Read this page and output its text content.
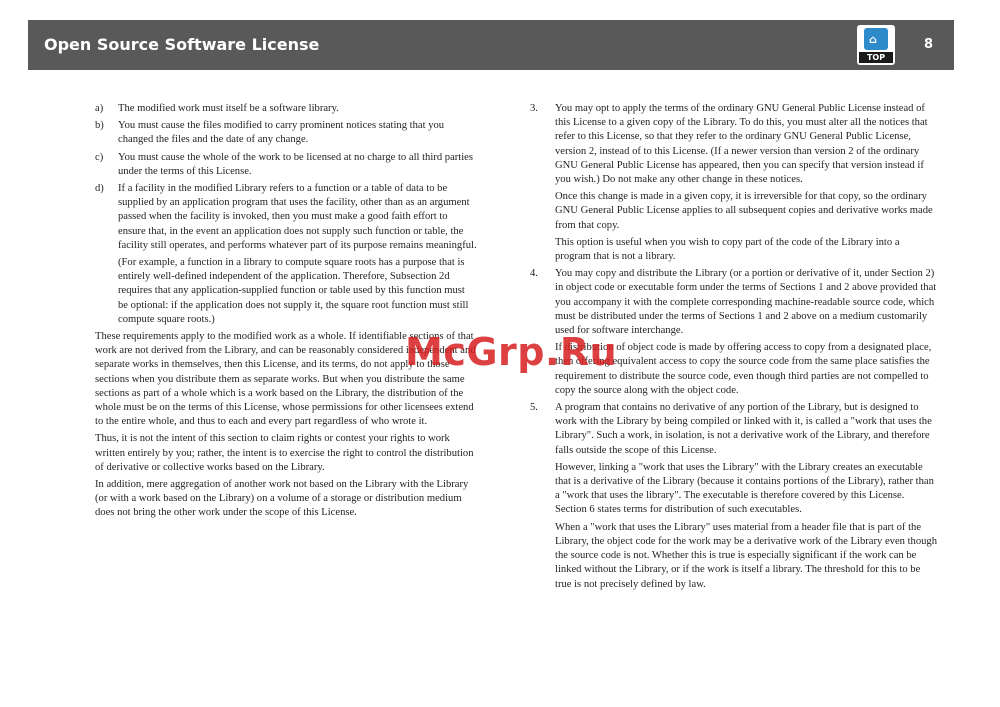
Open Source Software License	⌂
TOP
8
a) The modified work must itself be a software library.
b) You must cause the files modified to carry prominent notices stating that you changed the files and the date of any change.
c) You must cause the whole of the work to be licensed at no charge to all third parties under the terms of this License.
d) If a facility in the modified Library refers to a function or a table of data to be supplied by an application program that uses the facility, other than as an argument passed when the facility is invoked, then you must make a good faith effort to ensure that, in the event an application does not supply such function or table, the facility still operates, and performs whatever part of its purpose remains meaningful.
(For example, a function in a library to compute square roots has a purpose that is entirely well-defined independent of the application. Therefore, Subsection 2d requires that any application-supplied function or table used by this function must be optional: if the application does not supply it, the square root function must still compute square roots.)

These requirements apply to the modified work as a whole. If identifiable sections of that work are not derived from the Library, and can be reasonably considered independent and separate works in themselves, then this License, and its terms, do not apply to those sections when you distribute them as separate works. But when you distribute the same sections as part of a whole which is a work based on the Library, the distribution of the whole must be on the terms of this License, whose permissions for other licensees extend to the entire whole, and thus to each and every part regardless of who wrote it.

Thus, it is not the intent of this section to claim rights or contest your rights to work written entirely by you; rather, the intent is to exercise the right to control the distribution of derivative or collective works based on the Library.

In addition, mere aggregation of another work not based on the Library with the Library (or with a work based on the Library) on a volume of a storage or distribution medium does not bring the other work under the scope of this License.

3. You may opt to apply the terms of the ordinary GNU General Public License instead of this License to a given copy of the Library. To do this, you must alter all the notices that refer to this License, so that they refer to the ordinary GNU General Public License, version 2, instead of to this License. (If a newer version than version 2 of the ordinary GNU General Public License has appeared, then you can specify that version instead if you wish.) Do not make any other change in these notices.
Once this change is made in a given copy, it is irreversible for that copy, so the ordinary GNU General Public License applies to all subsequent copies and derivative works made from that copy.
This option is useful when you wish to copy part of the code of the Library into a program that is not a library.
4. You may copy and distribute the Library (or a portion or derivative of it, under Section 2) in object code or executable form under the terms of Sections 1 and 2 above provided that you accompany it with the complete corresponding machine-readable source code, which must be distributed under the terms of Sections 1 and 2 above on a medium customarily used for software interchange.
If distribution of object code is made by offering access to copy from a designated place, then offering equivalent access to copy the source code from the same place satisfies the requirement to distribute the source code, even though third parties are not compelled to copy the source along with the object code.
5. A program that contains no derivative of any portion of the Library, but is designed to work with the Library by being compiled or linked with it, is called a "work that uses the Library". Such a work, in isolation, is not a derivative work of the Library, and therefore falls outside the scope of this License.
However, linking a "work that uses the Library" with the Library creates an executable that is a derivative of the Library (because it contains portions of the Library), rather than a "work that uses the library". The executable is therefore covered by this License. Section 6 states terms for distribution of such executables.
When a "work that uses the Library" uses material from a header file that is part of the Library, the object code for the work may be a derivative work of the Library even though the source code is not. Whether this is true is especially significant if the work can be linked without the Library, or if the work is itself a library. The threshold for this to be true is not precisely defined by law.
McGrp.Ru
